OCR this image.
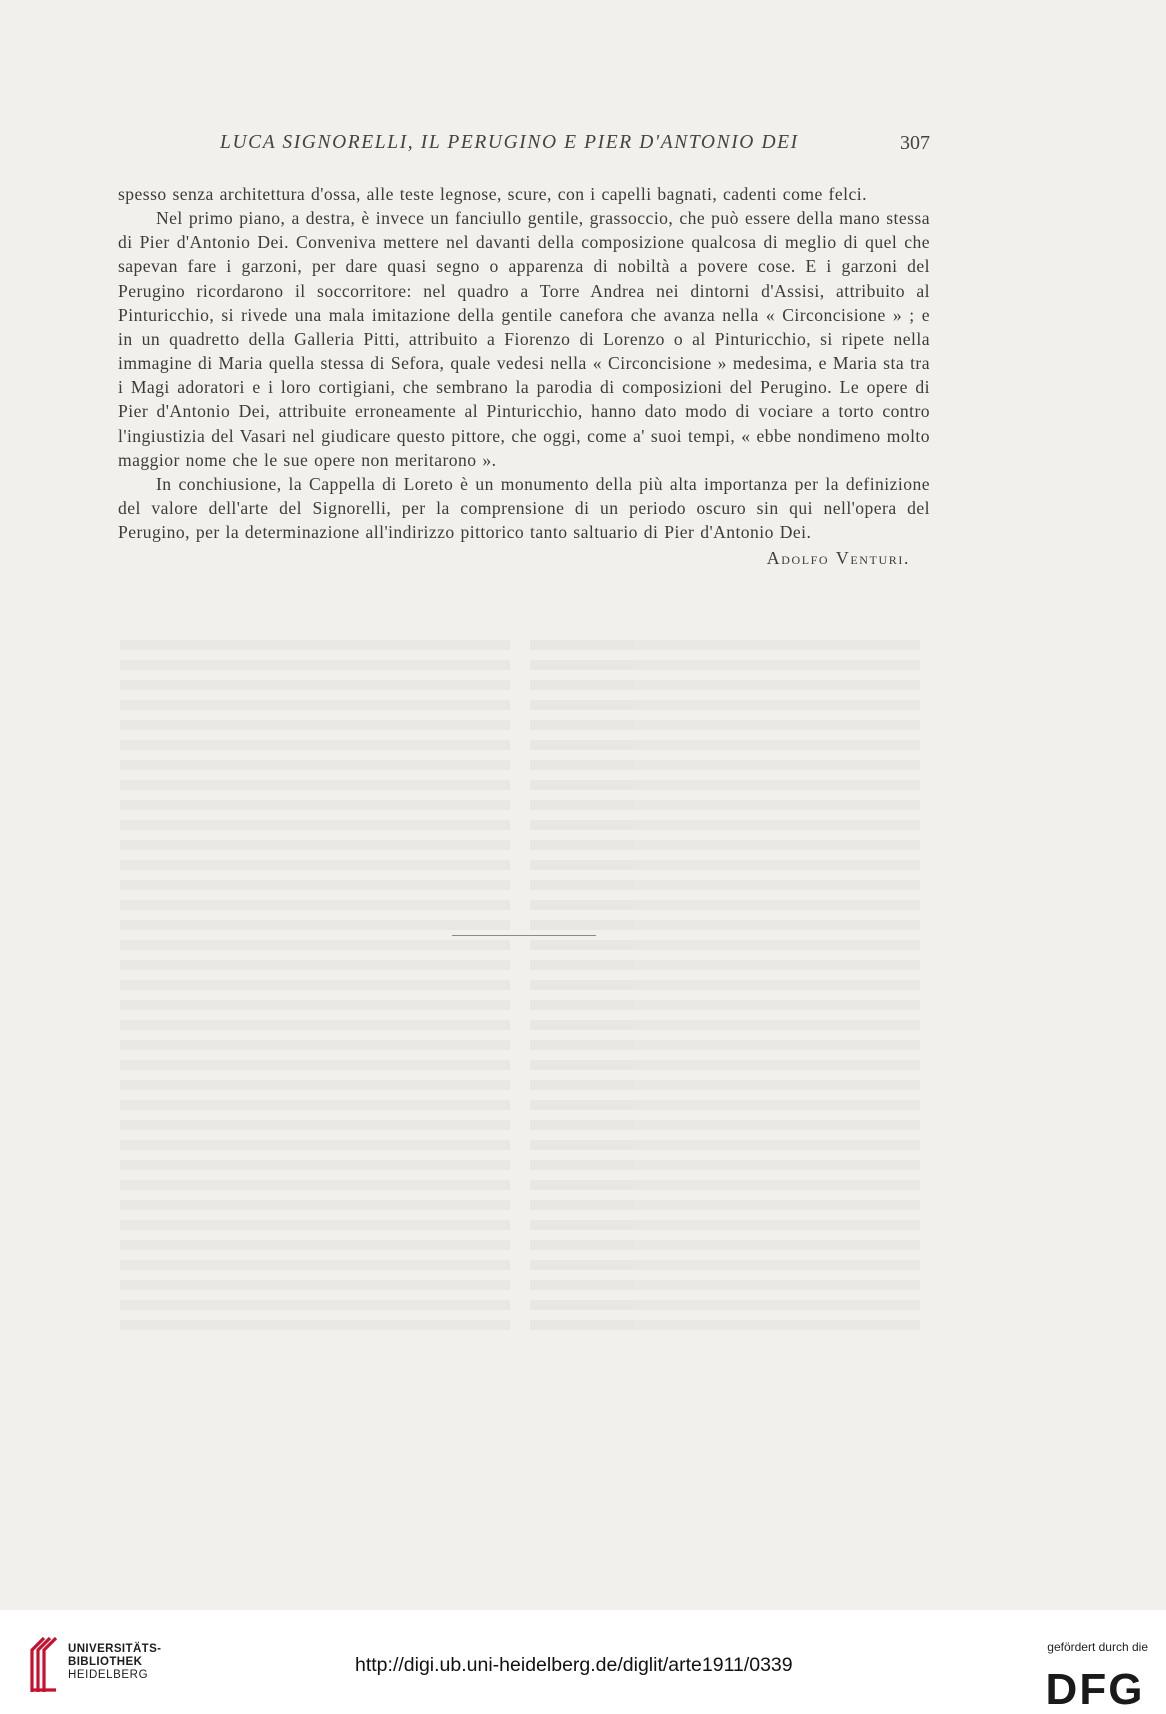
LUCA SIGNORELLI, IL PERUGINO E PIER D'ANTONIO DEI	307

spesso senza architettura d'ossa, alle teste legnose, scure, con i capelli bagnati, cadenti come felci.

Nel primo piano, a destra, è invece un fanciullo gentile, grassoccio, che può essere della mano stessa di Pier d'Antonio Dei. Conveniva mettere nel davanti della composizione qualcosa di meglio di quel che sapevan fare i garzoni, per dare quasi segno o apparenza di nobiltà a povere cose. E i garzoni del Perugino ricordarono il soccorritore: nel quadro a Torre Andrea nei dintorni d'Assisi, attribuito al Pinturicchio, si rivede una mala imitazione della gentile canefora che avanza nella « Circoncisione » ; e in un quadretto della Galleria Pitti, attribuito a Fiorenzo di Lorenzo o al Pinturicchio, si ripete nella immagine di Maria quella stessa di Sefora, quale vedesi nella « Circoncisione » medesima, e Maria sta tra i Magi adoratori e i loro cortigiani, che sembrano la parodia di composizioni del Perugino. Le opere di Pier d'Antonio Dei, attribuite erroneamente al Pinturicchio, hanno dato modo di vociare a torto contro l'ingiustizia del Vasari nel giudicare questo pittore, che oggi, come a' suoi tempi, « ebbe nondimeno molto maggior nome che le sue opere non meritarono ».

In conchiusione, la Cappella di Loreto è un monumento della più alta importanza per la definizione del valore dell'arte del Signorelli, per la comprensione di un periodo oscuro sin qui nell'opera del Perugino, per la determinazione all'indirizzo pittorico tanto saltuario di Pier d'Antonio Dei.

Adolfo Venturi.
UNIVERSITÄTS-
BIBLIOTHEK
HEIDELBERG	http://digi.ub.uni-heidelberg.de/diglit/arte1911/0339
gefördert durch die
DFG
